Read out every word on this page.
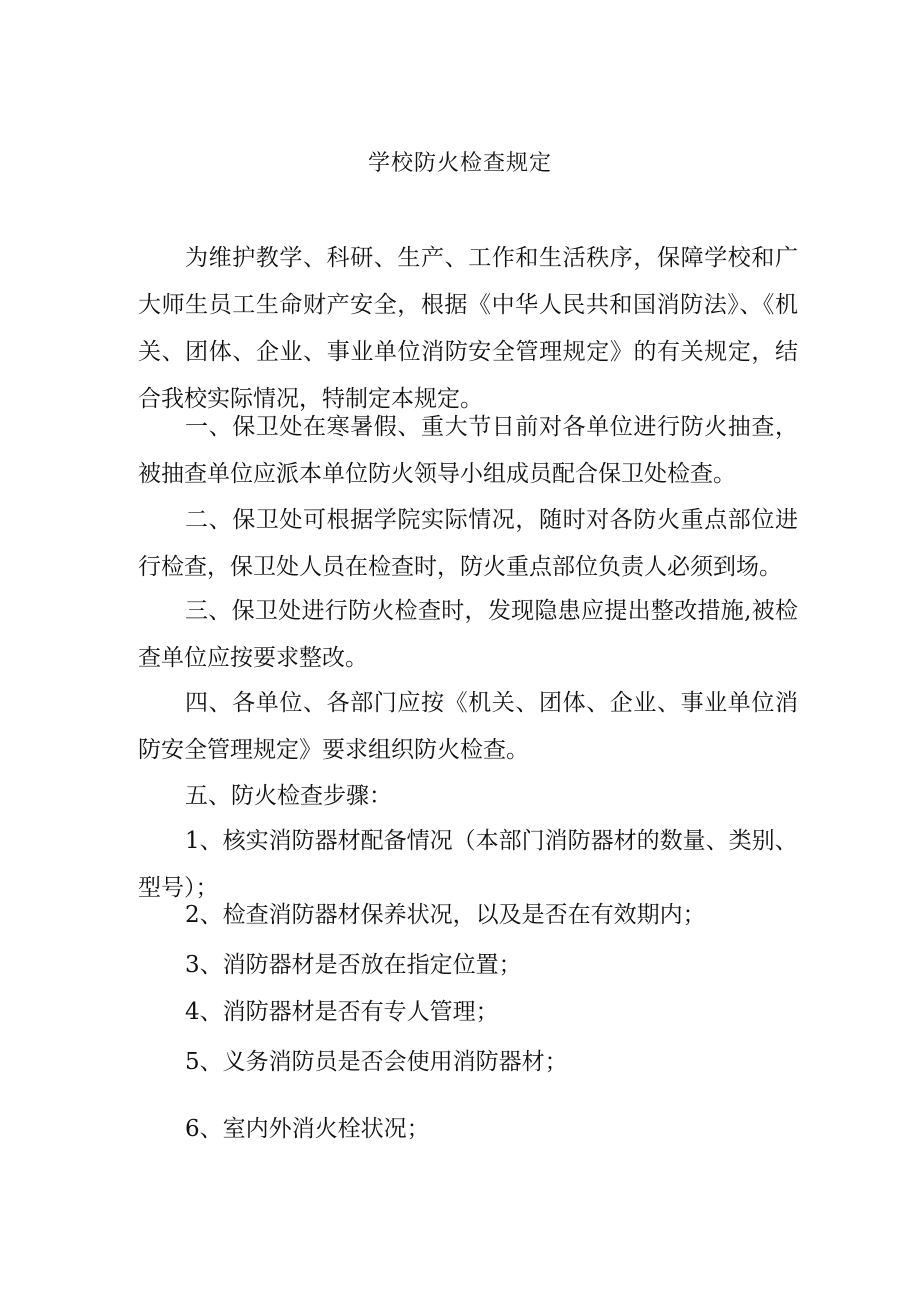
学校防火检查规定

为维护教学、科研、生产、工作和生活秩序，保障学校和广大师生员工生命财产安全，根据《中华人民共和国消防法》、《机关、团体、企业、事业单位消防安全管理规定》的有关规定，结合我校实际情况，特制定本规定。

一、保卫处在寒暑假、重大节日前对各单位进行防火抽查，被抽查单位应派本单位防火领导小组成员配合保卫处检查。

二、保卫处可根据学院实际情况，随时对各防火重点部位进行检查，保卫处人员在检查时，防火重点部位负责人必须到场。

三、保卫处进行防火检查时，发现隐患应提出整改措施,被检查单位应按要求整改。

四、各单位、各部门应按《机关、团体、企业、事业单位消防安全管理规定》要求组织防火检查。

五、防火检查步骤：

1、核实消防器材配备情况（本部门消防器材的数量、类别、型号）；

2、检查消防器材保养状况，以及是否在有效期内；

3、消防器材是否放在指定位置；

4、消防器材是否有专人管理；

5、义务消防员是否会使用消防器材；

6、室内外消火栓状况；
